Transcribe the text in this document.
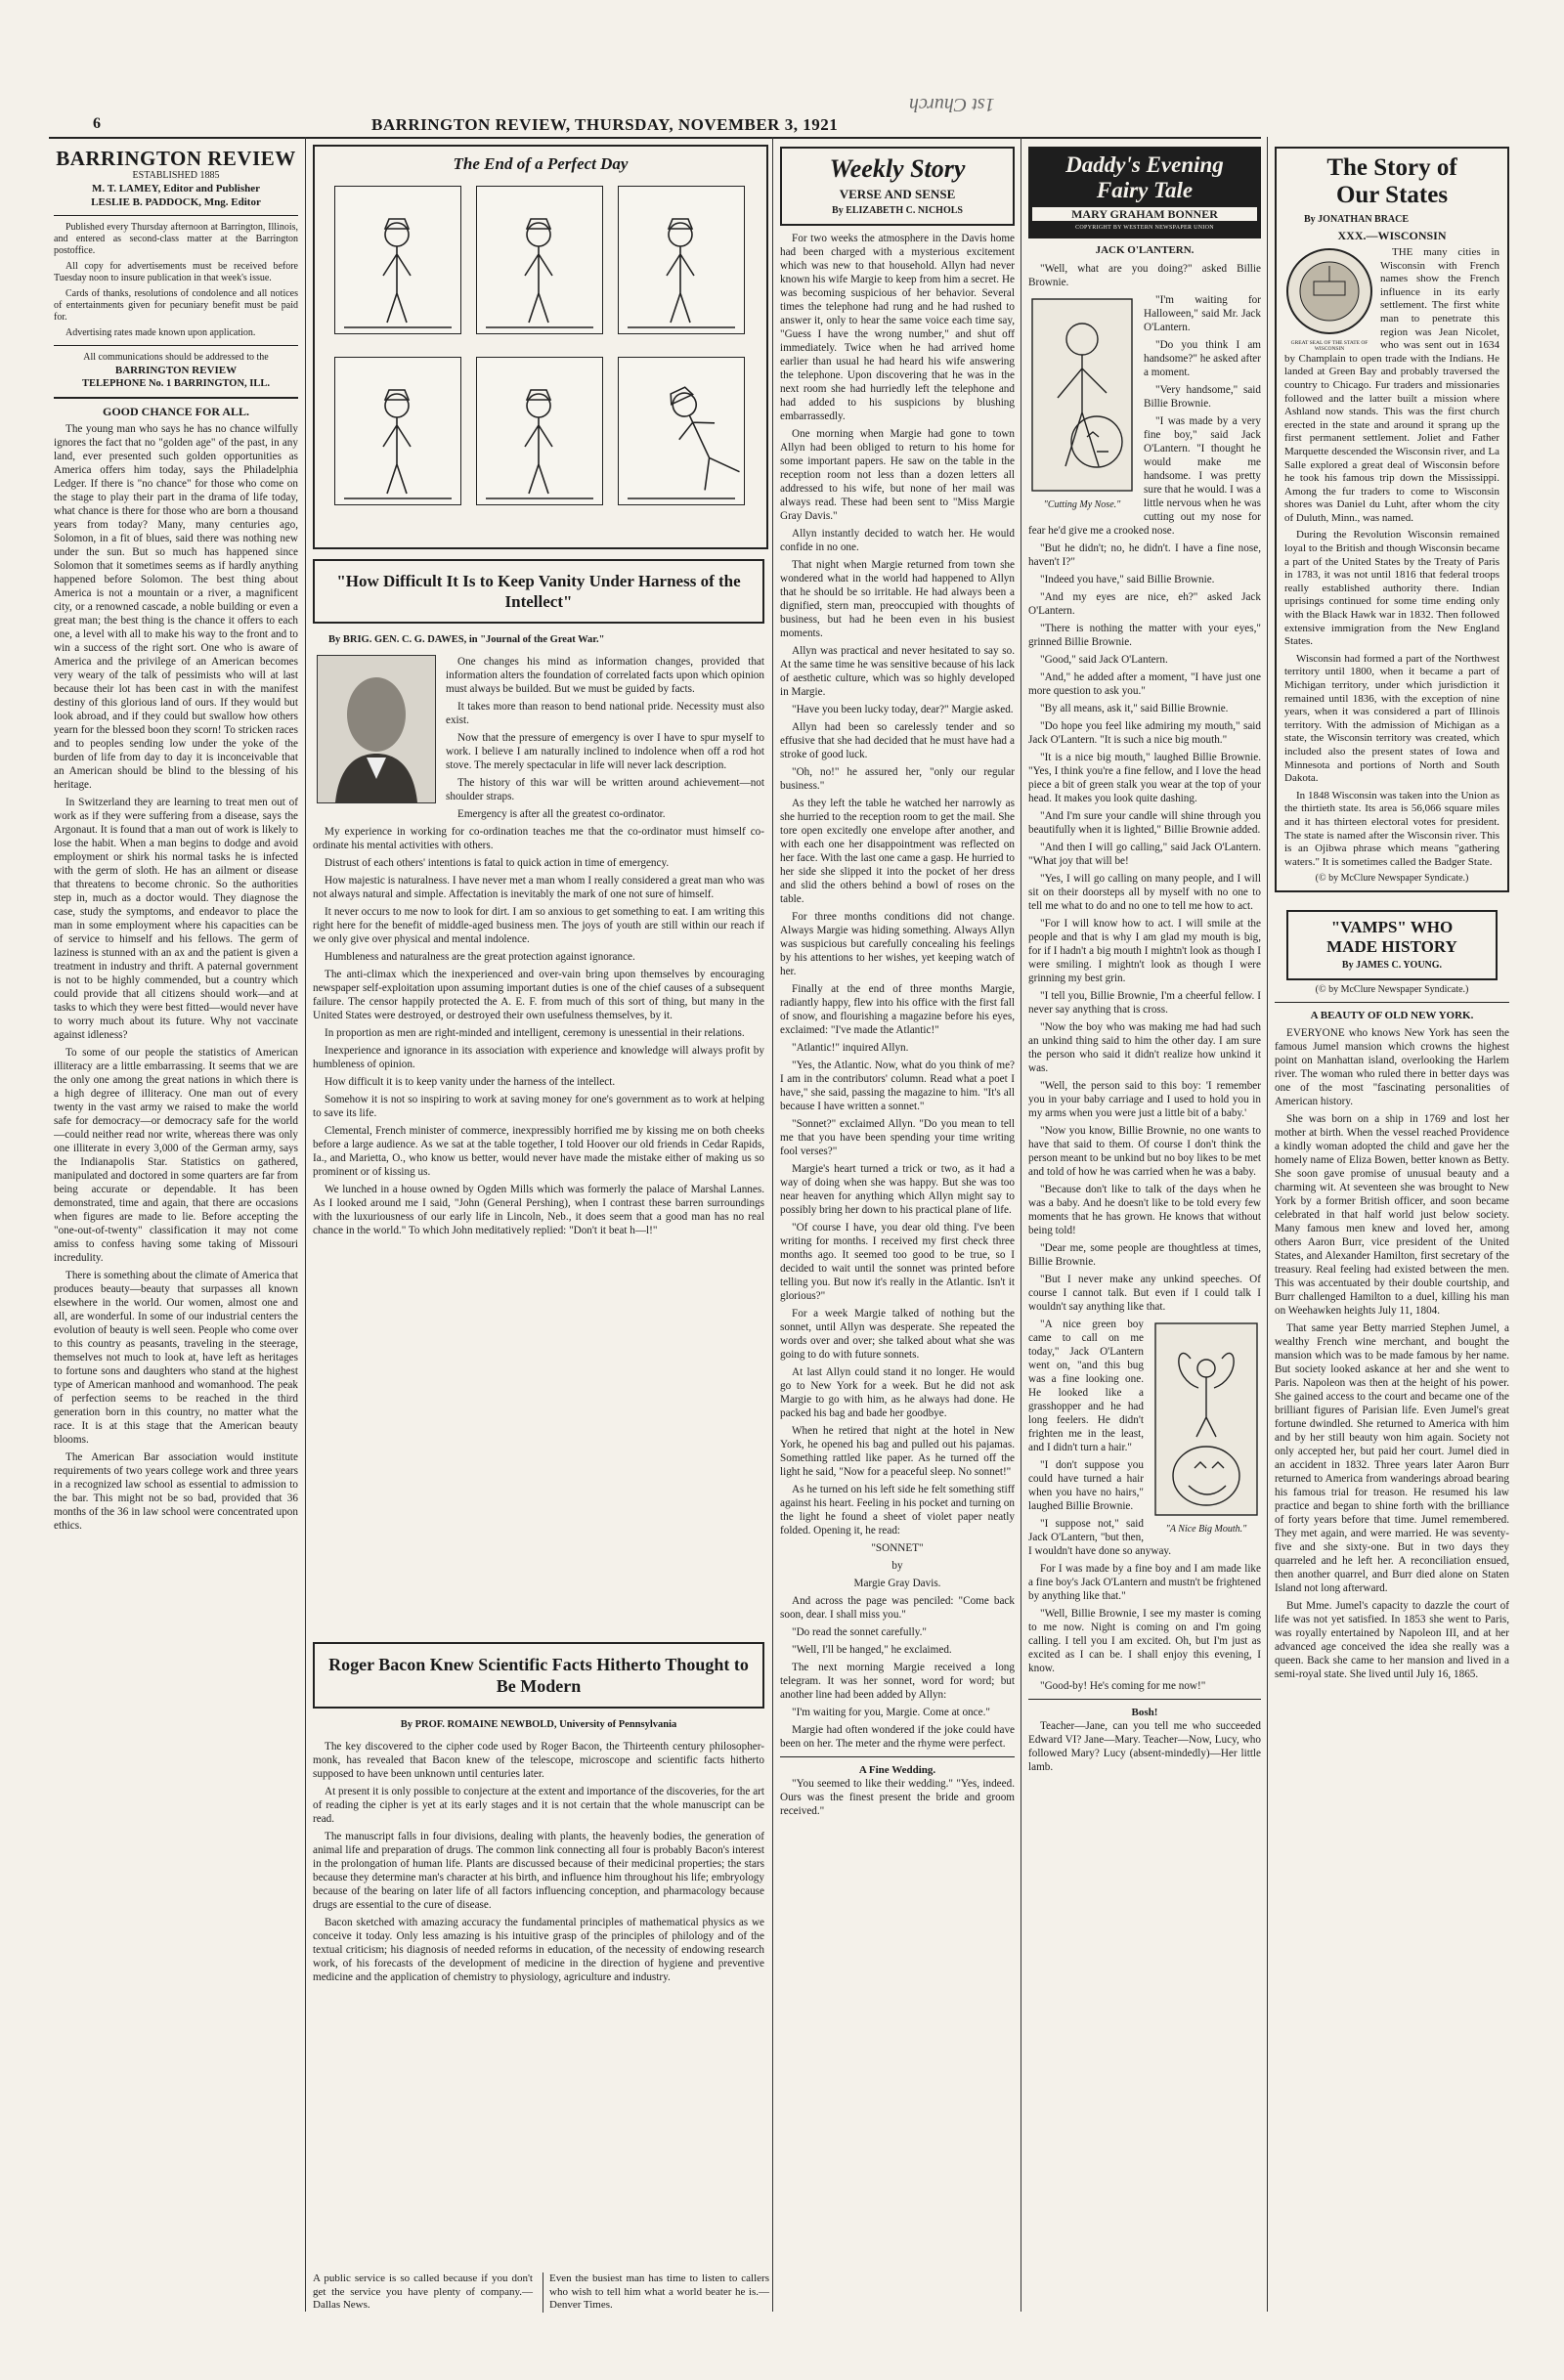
6	BARRINGTON REVIEW, THURSDAY, NOVEMBER 3, 1921
1st Church
BARRINGTON REVIEW
ESTABLISHED 1885
M. T. LAMEY, Editor and Publisher
LESLIE B. PADDOCK, Mng. Editor

Published every Thursday afternoon at Barrington, Illinois, and entered as second-class matter at the Barrington postoffice.

All copy for advertisements must be received before Tuesday noon to insure publication in that week's issue.

Cards of thanks, resolutions of condolence and all notices of entertainments given for pecuniary benefit must be paid for.

Advertising rates made known upon application.

All communications should be addressed to the
BARRINGTON REVIEW
TELEPHONE No. 1 BARRINGTON, ILL.
GOOD CHANCE FOR ALL.

The young man who says he has no chance wilfully ignores the fact that no "golden age" of the past, in any land, ever presented such golden opportunities as America offers him today, says the Philadelphia Ledger. If there is "no chance" for those who come on the stage to play their part in the drama of life today, what chance is there for those who are born a thousand years from today? Many, many centuries ago, Solomon, in a fit of blues, said there was nothing new under the sun. But so much has happened since Solomon that it sometimes seems as if hardly anything happened before Solomon. The best thing about America is not a mountain or a river, a magnificent city, or a renowned cascade, a noble building or even a great man; the best thing is the chance it offers to each one, a level with all to make his way to the front and to win a success of the right sort. One who is aware of America and the privilege of an American becomes very weary of the talk of pessimists who will at last because their lot has been cast in with the manifest destiny of this glorious land of ours. If they would but look abroad, and if they could but swallow how others yearn for the blessed boon they scorn! To stricken races and to peoples sending low under the yoke of the burden of life from day to day it is inconceivable that an American should be blind to the blessing of his heritage.

In Switzerland they are learning to treat men out of work as if they were suffering from a disease, says the Argonaut. It is found that a man out of work is likely to lose the habit. When a man begins to dodge and avoid employment or shirk his normal tasks he is infected with the germ of sloth. He has an ailment or disease that threatens to become chronic. So the authorities step in, much as a doctor would. They diagnose the case, study the symptoms, and endeavor to place the man in some employment where his capacities can be of service to himself and his fellows. The germ of laziness is stunned with an ax and the patient is given a treatment in industry and thrift. A paternal government is not to be highly commended, but a country which could provide that all citizens should work—and at tasks to which they were best fitted—would never have to worry much about its future. Why not vaccinate against idleness?

To some of our people the statistics of American illiteracy are a little embarrassing. It seems that we are the only one among the great nations in which there is a high degree of illiteracy. One man out of every twenty in the vast army we raised to make the world safe for democracy—or democracy safe for the world—could neither read nor write, whereas there was only one illiterate in every 3,000 of the German army, says the Indianapolis Star. Statistics on gathered, manipulated and doctored in some quarters are far from being accurate or dependable. It has been demonstrated, time and again, that there are occasions when figures are made to lie. Before accepting the "one-out-of-twenty" classification it may not come amiss to confess having some taking of Missouri incredulity.

There is something about the climate of America that produces beauty—beauty that surpasses all known elsewhere in the world. Our women, almost one and all, are wonderful. In some of our industrial centers the evolution of beauty is well seen. People who come over to this country as peasants, traveling in the steerage, themselves not much to look at, have left as heritages to fortune sons and daughters who stand at the highest type of American manhood and womanhood. The peak of perfection seems to be reached in the third generation born in this country, no matter what the race. It is at this stage that the American beauty blooms.

The American Bar association would institute requirements of two years college work and three years in a recognized law school as essential to admission to the bar. This might not be so bad, provided that 36 months of the 36 in law school were concentrated upon ethics.

The End of a Perfect Day
"How Difficult It Is to Keep Vanity Under Harness of the Intellect"
By BRIG. GEN. C. G. DAWES, in "Journal of the Great War."

One changes his mind as information changes, provided that information alters the foundation of correlated facts upon which opinion must always be builded. But we must be guided by facts.

It takes more than reason to bend national pride. Necessity must also exist.

Now that the pressure of emergency is over I have to spur myself to work. I believe I am naturally inclined to indolence when off a rod hot stove. The merely spectacular in life will never lack description.

The history of this war will be written around achievement—not shoulder straps.

Emergency is after all the greatest co-ordinator.

My experience in working for co-ordination teaches me that the co-ordinator must himself co-ordinate his mental activities with others.

Distrust of each others' intentions is fatal to quick action in time of emergency.

How majestic is naturalness. I have never met a man whom I really considered a great man who was not always natural and simple. Affectation is inevitably the mark of one not sure of himself.

It never occurs to me now to look for dirt. I am so anxious to get something to eat. I am writing this right here for the benefit of middle-aged business men. The joys of youth are still within our reach if we only give over physical and mental indolence.

Humbleness and naturalness are the great protection against ignorance.

The anti-climax which the inexperienced and over-vain bring upon themselves by encouraging newspaper self-exploitation upon assuming important duties is one of the chief causes of a subsequent failure. The censor happily protected the A. E. F. from much of this sort of thing, but many in the United States were destroyed, or destroyed their own usefulness themselves, by it.

In proportion as men are right-minded and intelligent, ceremony is unessential in their relations.

Inexperience and ignorance in its association with experience and knowledge will always profit by humbleness of opinion.

How difficult it is to keep vanity under the harness of the intellect.

Somehow it is not so inspiring to work at saving money for one's government as to work at helping to save its life.

Clemental, French minister of commerce, inexpressibly horrified me by kissing me on both cheeks before a large audience. As we sat at the table together, I told Hoover our old friends in Cedar Rapids, Ia., and Marietta, O., who know us better, would never have made the mistake either of making us so prominent or of kissing us.

We lunched in a house owned by Ogden Mills which was formerly the palace of Marshal Lannes. As I looked around me I said, "John (General Pershing), when I contrast these barren surroundings with the luxuriousness of our early life in Lincoln, Neb., it does seem that a good man has no real chance in the world." To which John meditatively replied: "Don't it beat h—l!"

Roger Bacon Knew Scientific Facts Hitherto Thought to Be Modern
By PROF. ROMAINE NEWBOLD, University of Pennsylvania

The key discovered to the cipher code used by Roger Bacon, the Thirteenth century philosopher-monk, has revealed that Bacon knew of the telescope, microscope and scientific facts hitherto supposed to have been unknown until centuries later.

At present it is only possible to conjecture at the extent and importance of the discoveries, for the art of reading the cipher is yet at its early stages and it is not certain that the whole manuscript can be read.

The manuscript falls in four divisions, dealing with plants, the heavenly bodies, the generation of animal life and preparation of drugs. The common link connecting all four is probably Bacon's interest in the prolongation of human life. Plants are discussed because of their medicinal properties; the stars because they determine man's character at his birth, and influence him throughout his life; embryology because of the bearing on later life of all factors influencing conception, and pharmacology because drugs are essential to the cure of disease.

Bacon sketched with amazing accuracy the fundamental principles of mathematical physics as we conceive it today. Only less amazing is his intuitive grasp of the principles of philology and of the textual criticism; his diagnosis of needed reforms in education, of the necessity of endowing research work, of his forecasts of the development of medicine in the direction of hygiene and preventive medicine and the application of chemistry to physiology, agriculture and industry.

A public service is so called because if you don't get the service you have plenty of company.—Dallas News.
Even the busiest man has time to listen to callers who wish to tell him what a world beater he is.—Denver Times.
Weekly Story
VERSE AND SENSE
By ELIZABETH C. NICHOLS

For two weeks the atmosphere in the Davis home had been charged with a mysterious excitement which was new to that household. Allyn had never known his wife Margie to keep from him a secret. He was becoming suspicious of her behavior. Several times the telephone had rung and he had rushed to answer it, only to hear the same voice each time say, "Guess I have the wrong number," and shut off immediately. Twice when he had arrived home earlier than usual he had heard his wife answering the telephone. Upon discovering that he was in the next room she had hurriedly left the telephone and had added to his suspicions by blushing embarrassedly.

One morning when Margie had gone to town Allyn had been obliged to return to his home for some important papers. He saw on the table in the reception room not less than a dozen letters all addressed to his wife, but none of her mail was always read. These had been sent to "Miss Margie Gray Davis."

Allyn instantly decided to watch her. He would confide in no one.

That night when Margie returned from town she wondered what in the world had happened to Allyn that he should be so irritable. He had always been a dignified, stern man, preoccupied with thoughts of business, but had he been even in his busiest moments.

Allyn was practical and never hesitated to say so. At the same time he was sensitive because of his lack of aesthetic culture, which was so highly developed in Margie.

"Have you been lucky today, dear?" Margie asked.

Allyn had been so carelessly tender and so effusive that she had decided that he must have had a stroke of good luck.

"Oh, no!" he assured her, "only our regular business."

As they left the table he watched her narrowly as she hurried to the reception room to get the mail. She tore open excitedly one envelope after another, and with each one her disappointment was reflected on her face. With the last one came a gasp. He hurried to her side she slipped it into the pocket of her dress and slid the others behind a bowl of roses on the table.

For three months conditions did not change. Always Margie was hiding something. Always Allyn was suspicious but carefully concealing his feelings by his attentions to her wishes, yet keeping watch of her.

Finally at the end of three months Margie, radiantly happy, flew into his office with the first fall of snow, and flourishing a magazine before his eyes, exclaimed: "I've made the Atlantic!"

"Atlantic!" inquired Allyn.

"Yes, the Atlantic. Now, what do you think of me? I am in the contributors' column. Read what a poet I have," she said, passing the magazine to him. "It's all because I have written a sonnet."

"Sonnet?" exclaimed Allyn. "Do you mean to tell me that you have been spending your time writing fool verses?"

Margie's heart turned a trick or two, as it had a way of doing when she was happy. But she was too near heaven for anything which Allyn might say to possibly bring her down to his practical plane of life.

"Of course I have, you dear old thing. I've been writing for months. I received my first check three months ago. It seemed too good to be true, so I decided to wait until the sonnet was printed before telling you. But now it's really in the Atlantic. Isn't it glorious?"

For a week Margie talked of nothing but the sonnet, until Allyn was desperate. She repeated the words over and over; she talked about what she was going to do with future sonnets.

At last Allyn could stand it no longer. He would go to New York for a week. But he did not ask Margie to go with him, as he always had done. He packed his bag and bade her goodbye.

When he retired that night at the hotel in New York, he opened his bag and pulled out his pajamas. Something rattled like paper. As he turned off the light he said, "Now for a peaceful sleep. No sonnet!"

As he turned on his left side he felt something stiff against his heart. Feeling in his pocket and turning on the light he found a sheet of violet paper neatly folded. Opening it, he read:

"SONNET"

by

Margie Gray Davis.

And across the page was penciled: "Come back soon, dear. I shall miss you."

"Do read the sonnet carefully."

"Well, I'll be hanged," he exclaimed.

The next morning Margie received a long telegram. It was her sonnet, word for word; but another line had been added by Allyn:

"I'm waiting for you, Margie. Come at once."

Margie had often wondered if the joke could have been on her. The meter and the rhyme were perfect.

A Fine Wedding.

"You seemed to like their wedding." "Yes, indeed. Ours was the finest present the bride and groom received."

Daddy's Evening
Fairy Tale
MARY GRAHAM BONNER
COPYRIGHT BY WESTERN NEWSPAPER UNION
JACK O'LANTERN.

"Well, what are you doing?" asked Billie Brownie.

"Cutting My Nose."

"I'm waiting for Halloween," said Mr. Jack O'Lantern.

"Do you think I am handsome?" he asked after a moment.

"Very handsome," said Billie Brownie.

"I was made by a very fine boy," said Jack O'Lantern. "I thought he would make me handsome. I was pretty sure that he would. I was a little nervous when he was cutting out my nose for fear he'd give me a crooked nose.

"But he didn't; no, he didn't. I have a fine nose, haven't I?"

"Indeed you have," said Billie Brownie.

"And my eyes are nice, eh?" asked Jack O'Lantern.

"There is nothing the matter with your eyes," grinned Billie Brownie.

"Good," said Jack O'Lantern.

"And," he added after a moment, "I have just one more question to ask you."

"By all means, ask it," said Billie Brownie.

"Do hope you feel like admiring my mouth," said Jack O'Lantern. "It is such a nice big mouth."

"It is a nice big mouth," laughed Billie Brownie. "Yes, I think you're a fine fellow, and I love the head piece a bit of green stalk you wear at the top of your head. It makes you look quite dashing.

"And I'm sure your candle will shine through you beautifully when it is lighted," Billie Brownie added.

"And then I will go calling," said Jack O'Lantern. "What joy that will be!

"Yes, I will go calling on many people, and I will sit on their doorsteps all by myself with no one to tell me what to do and no one to tell me how to act.

"For I will know how to act. I will smile at the people and that is why I am glad my mouth is big, for if I hadn't a big mouth I mightn't look as though I were smiling. I mightn't look as though I were grinning my best grin.

"I tell you, Billie Brownie, I'm a cheerful fellow. I never say anything that is cross.

"Now the boy who was making me had had such an unkind thing said to him the other day. I am sure the person who said it didn't realize how unkind it was.

"Well, the person said to this boy: 'I remember you in your baby carriage and I used to hold you in my arms when you were just a little bit of a baby.'

"Now you know, Billie Brownie, no one wants to have that said to them. Of course I don't think the person meant to be unkind but no boy likes to be met and told of how he was carried when he was a baby.

"Because don't like to talk of the days when he was a baby. And he doesn't like to be told every few moments that he has grown. He knows that without being told!

"Dear me, some people are thoughtless at times, Billie Brownie.

"But I never make any unkind speeches. Of course I cannot talk. But even if I could talk I wouldn't say anything like that.

"A Nice Big Mouth."

"A nice green boy came to call on me today," Jack O'Lantern went on, "and this bug was a fine looking one. He looked like a grasshopper and he had long feelers. He didn't frighten me in the least, and I didn't turn a hair."

"I don't suppose you could have turned a hair when you have no hairs," laughed Billie Brownie.

"I suppose not," said Jack O'Lantern, "but then, I wouldn't have done so anyway.

For I was made by a fine boy and I am made like a fine boy's Jack O'Lantern and mustn't be frightened by anything like that."

"Well, Billie Brownie, I see my master is coming to me now. Night is coming on and I'm going calling. I tell you I am excited. Oh, but I'm just as excited as I can be. I shall enjoy this evening, I know.

"Good-by! He's coming for me now!"

Bosh!

Teacher—Jane, can you tell me who succeeded Edward VI? Jane—Mary. Teacher—Now, Lucy, who followed Mary? Lucy (absent-mindedly)—Her little lamb.

The Story of
Our States
By JONATHAN BRACE
XXX.—WISCONSIN
GREAT SEAL OF THE STATE OF WISCONSIN

THE many cities in Wisconsin with French names show the French influence in its early settlement. The first white man to penetrate this region was Jean Nicolet, who was sent out in 1634 by Champlain to open trade with the Indians. He landed at Green Bay and probably traversed the country to Chicago. Fur traders and missionaries followed and the latter built a mission where Ashland now stands. This was the first church erected in the state and around it sprang up the first permanent settlement. Joliet and Father Marquette descended the Wisconsin river, and La Salle explored a great deal of Wisconsin before he took his famous trip down the Mississippi. Among the fur traders to come to Wisconsin shores was Daniel du Luht, after whom the city of Duluth, Minn., was named.

During the Revolution Wisconsin remained loyal to the British and though Wisconsin became a part of the United States by the Treaty of Paris in 1783, it was not until 1816 that federal troops really established authority there. Indian uprisings continued for some time ending only with the Black Hawk war in 1832. Then followed extensive immigration from the New England States.

Wisconsin had formed a part of the Northwest territory until 1800, when it became a part of Michigan territory, under which jurisdiction it remained until 1836, with the exception of nine years, when it was considered a part of Illinois territory. With the admission of Michigan as a state, the Wisconsin territory was created, which included also the present states of Iowa and Minnesota and portions of North and South Dakota.

In 1848 Wisconsin was taken into the Union as the thirtieth state. Its area is 56,066 square miles and it has thirteen electoral votes for president. The state is named after the Wisconsin river. This is an Ojibwa phrase which means "gathering waters." It is sometimes called the Badger State.

(© by McClure Newspaper Syndicate.)
"VAMPS" WHO
MADE HISTORY
By JAMES C. YOUNG.
(© by McClure Newspaper Syndicate.)
A BEAUTY OF OLD NEW YORK.

EVERYONE who knows New York has seen the famous Jumel mansion which crowns the highest point on Manhattan island, overlooking the Harlem river. The woman who ruled there in better days was one of the most "fascinating personalities of American history.

She was born on a ship in 1769 and lost her mother at birth. When the vessel reached Providence a kindly woman adopted the child and gave her the homely name of Eliza Bowen, better known as Betty. She soon gave promise of unusual beauty and a charming wit. At seventeen she was brought to New York by a former British officer, and soon became celebrated in that half world just below society. Many famous men knew and loved her, among others Aaron Burr, vice president of the United States, and Alexander Hamilton, first secretary of the treasury. Real feeling had existed between the men. This was accentuated by their double courtship, and Burr challenged Hamilton to a duel, killing his man on Weehawken heights July 11, 1804.

That same year Betty married Stephen Jumel, a wealthy French wine merchant, and bought the mansion which was to be made famous by her name. But society looked askance at her and she went to Paris. Napoleon was then at the height of his power. She gained access to the court and became one of the brilliant figures of Parisian life. Even Jumel's great fortune dwindled. She returned to America with him and by her still beauty won him again. Society not only accepted her, but paid her court. Jumel died in an accident in 1832. Three years later Aaron Burr returned to America from wanderings abroad bearing his famous trial for treason. He resumed his law practice and began to shine forth with the brilliance of forty years before that time. Jumel remembered. They met again, and were married. He was seventy-five and she sixty-one. But in two days they quarreled and he left her. A reconciliation ensued, then another quarrel, and Burr died alone on Staten Island not long afterward.

But Mme. Jumel's capacity to dazzle the court of life was not yet satisfied. In 1853 she went to Paris, was royally entertained by Napoleon III, and at her advanced age conceived the idea she really was a queen. Back she came to her mansion and lived in a semi-royal state. She lived until July 16, 1865.
